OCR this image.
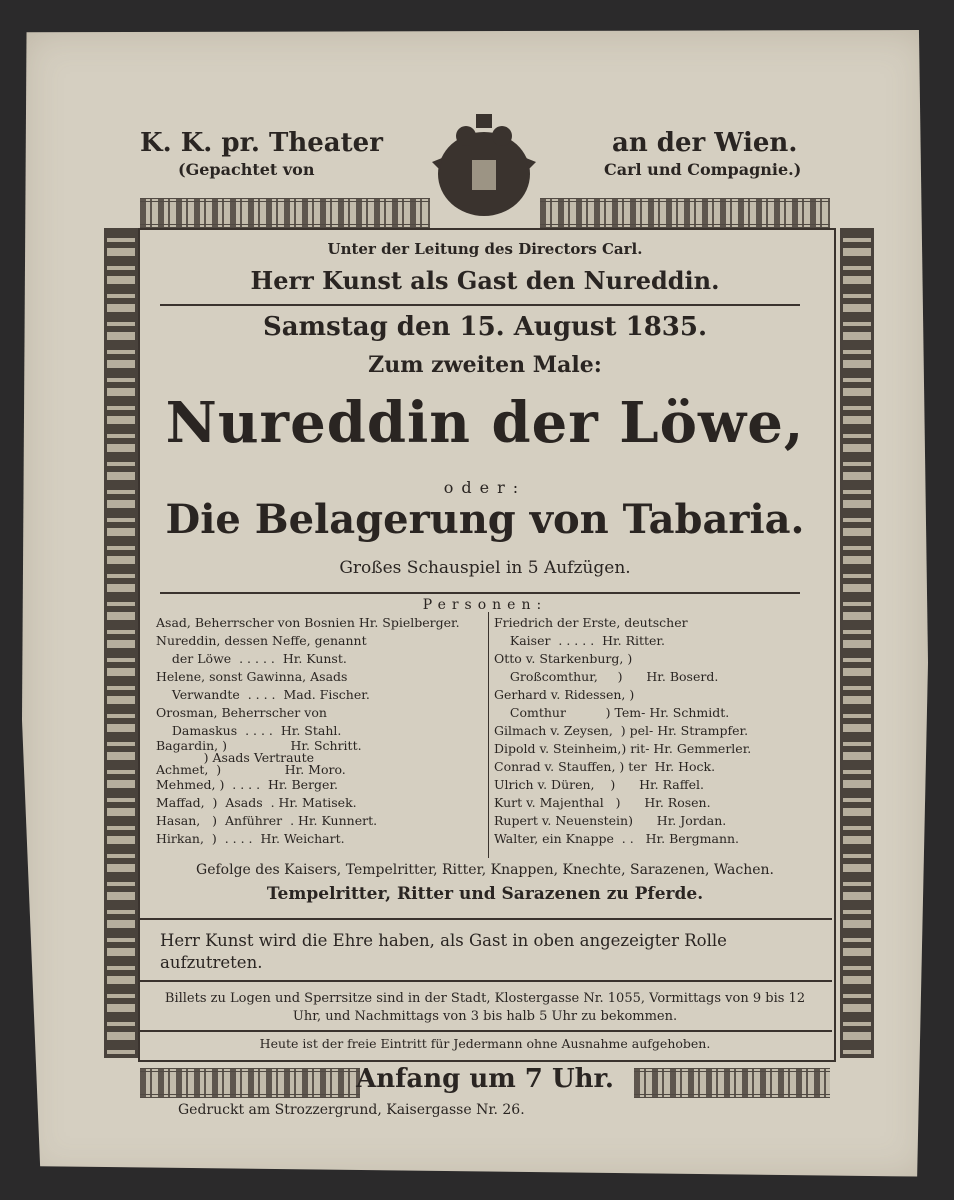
K. K. pr. Theater
(Gepachtet von
an der Wien.
Carl und Compagnie.)
Unter der Leitung des Directors Carl.
Herr Kunst als Gast den Nureddin.
Samstag den 15. August 1835.
Zum zweiten Male:
Nureddin der Löwe,
oder:
Die Belagerung von Tabaria.
Großes Schauspiel in 5 Aufzügen.
Personen:
Asad, Beherrscher von Bosnien Hr. Spielberger.
Nureddin, dessen Neffe, genannt
der Löwe  . . . . .  Hr. Kunst.
Helene, sonst Gawinna, Asads
Verwandte  . . . .  Mad. Fischer.
Orosman, Beherrscher von
Damaskus  . . . .  Hr. Stahl.
Bagardin, )                Hr. Schritt.
) Asads Vertraute
Achmet,  )                Hr. Moro.
Mehmed, )  . . . .  Hr. Berger.
Maffad,  )  Asads  . Hr. Matisek.
Hasan,   )  Anführer  . Hr. Kunnert.
Hirkan,  )  . . . .  Hr. Weichart.
Friedrich der Erste, deutscher
Kaiser  . . . . .  Hr. Ritter.
Otto v. Starkenburg, )
Großcomthur,     )      Hr. Boserd.
Gerhard v. Ridessen, )
Comthur          ) Tem- Hr. Schmidt.
Gilmach v. Zeysen,  ) pel- Hr. Strampfer.
Dipold v. Steinheim,) rit- Hr. Gemmerler.
Conrad v. Stauffen, ) ter  Hr. Hock.
Ulrich v. Düren,    )      Hr. Raffel.
Kurt v. Majenthal   )      Hr. Rosen.
Rupert v. Neuenstein)      Hr. Jordan.
Walter, ein Knappe  . .   Hr. Bergmann.
Gefolge des Kaisers, Tempelritter, Ritter, Knappen, Knechte, Sarazenen, Wachen.
Tempelritter, Ritter und Sarazenen zu Pferde.
Herr Kunst wird die Ehre haben, als Gast in oben angezeigter Rolle aufzutreten.
Billets zu Logen und Sperrsitze sind in der Stadt, Klostergasse Nr. 1055, Vormittags von 9 bis 12 Uhr, und Nachmittags von 3 bis halb 5 Uhr zu bekommen.
Heute ist der freie Eintritt für Jedermann ohne Ausnahme aufgehoben.
Anfang um 7 Uhr.
Gedruckt am Strozzergrund, Kaisergasse Nr. 26.
